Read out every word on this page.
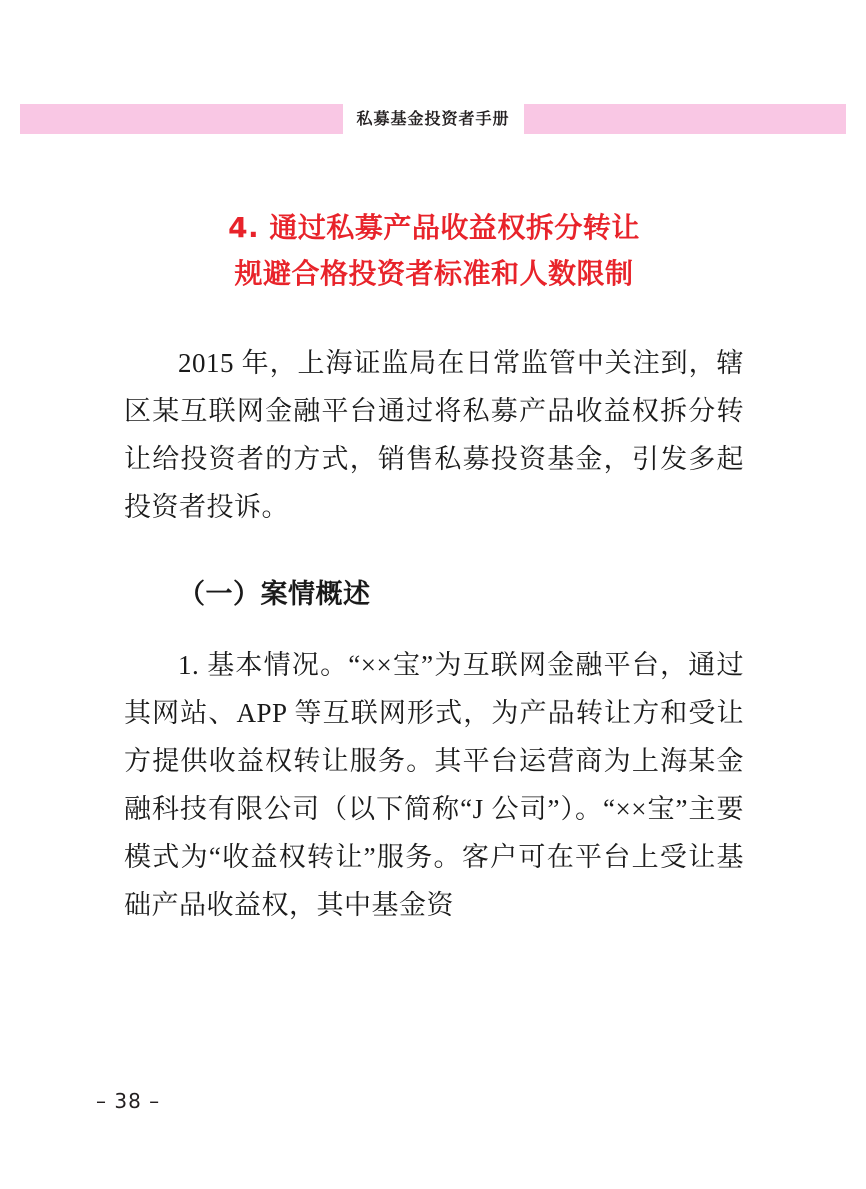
私募基金投资者手册
4. 通过私募产品收益权拆分转让
规避合格投资者标准和人数限制

2015 年，上海证监局在日常监管中关注到，辖区某互联网金融平台通过将私募产品收益权拆分转让给投资者的方式，销售私募投资基金，引发多起投资者投诉。

（一）案情概述

1. 基本情况。“××宝”为互联网金融平台，通过其网站、APP 等互联网形式，为产品转让方和受让方提供收益权转让服务。其平台运营商为上海某金融科技有限公司（以下简称“J 公司”）。“××宝”主要模式为“收益权转让”服务。客户可在平台上受让基础产品收益权，其中基金资

– 38 –
